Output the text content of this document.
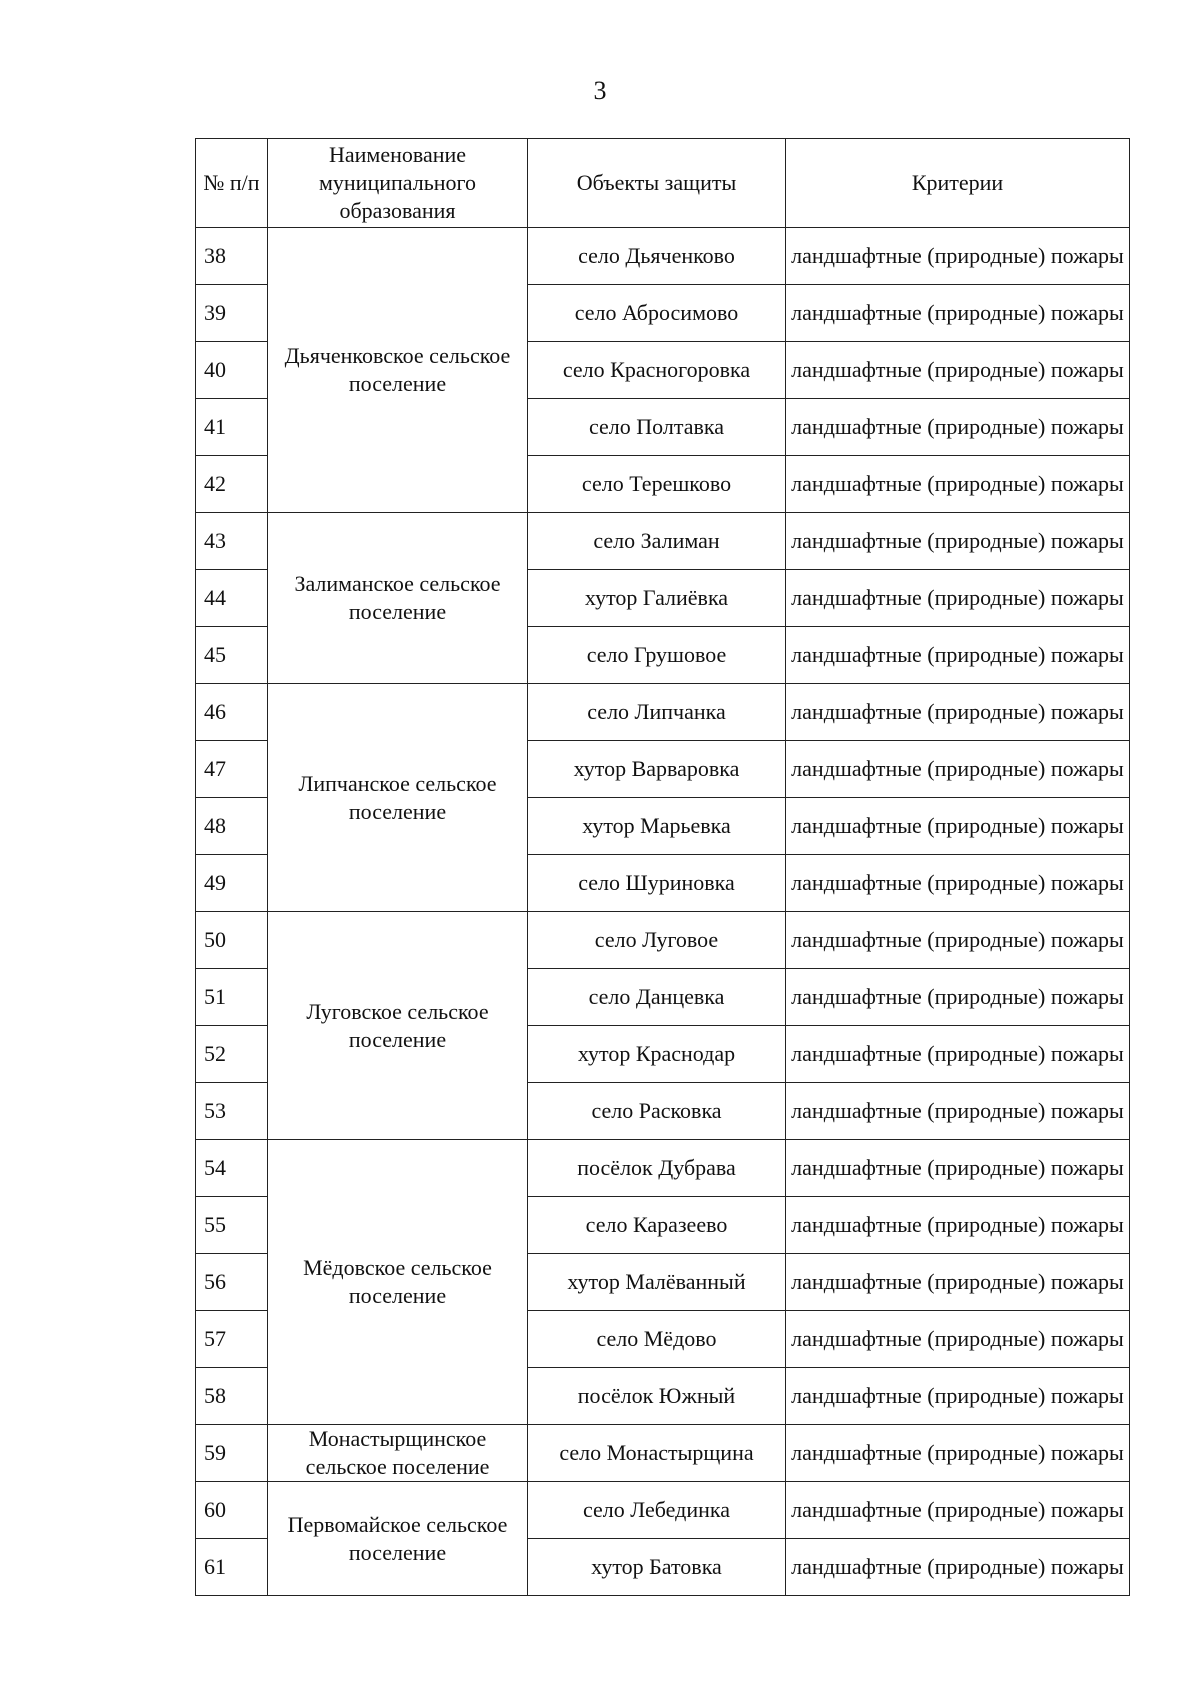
3
№ п/п	Наименование муниципального образования	Объекты защиты	Критерии
38	Дьяченковское сельское поселение	село Дьяченково	ландшафтные (природные) пожары
39		село Абросимово	ландшафтные (природные) пожары
40		село Красногоровка	ландшафтные (природные) пожары
41		село Полтавка	ландшафтные (природные) пожары
42		село Терешково	ландшафтные (природные) пожары
43	Залиманское сельское поселение	село Залиман	ландшафтные (природные) пожары
44		хутор Галиёвка	ландшафтные (природные) пожары
45		село Грушовое	ландшафтные (природные) пожары
46	Липчанское сельское поселение	село Липчанка	ландшафтные (природные) пожары
47		хутор Варваровка	ландшафтные (природные) пожары
48		хутор Марьевка	ландшафтные (природные) пожары
49		село Шуриновка	ландшафтные (природные) пожары
50	Луговское сельское поселение	село Луговое	ландшафтные (природные) пожары
51		село Данцевка	ландшафтные (природные) пожары
52		хутор Краснодар	ландшафтные (природные) пожары
53		село Расковка	ландшафтные (природные) пожары
54	Мёдовское сельское поселение	посёлок Дубрава	ландшафтные (природные) пожары
55		село Каразеево	ландшафтные (природные) пожары
56		хутор Малёванный	ландшафтные (природные) пожары
57		село Мёдово	ландшафтные (природные) пожары
58		посёлок Южный	ландшафтные (природные) пожары
59	Монастырщинское сельское поселение	село Монастырщина	ландшафтные (природные) пожары
60	Первомайское сельское поселение	село Лебединка	ландшафтные (природные) пожары
61		хутор Батовка	ландшафтные (природные) пожары
